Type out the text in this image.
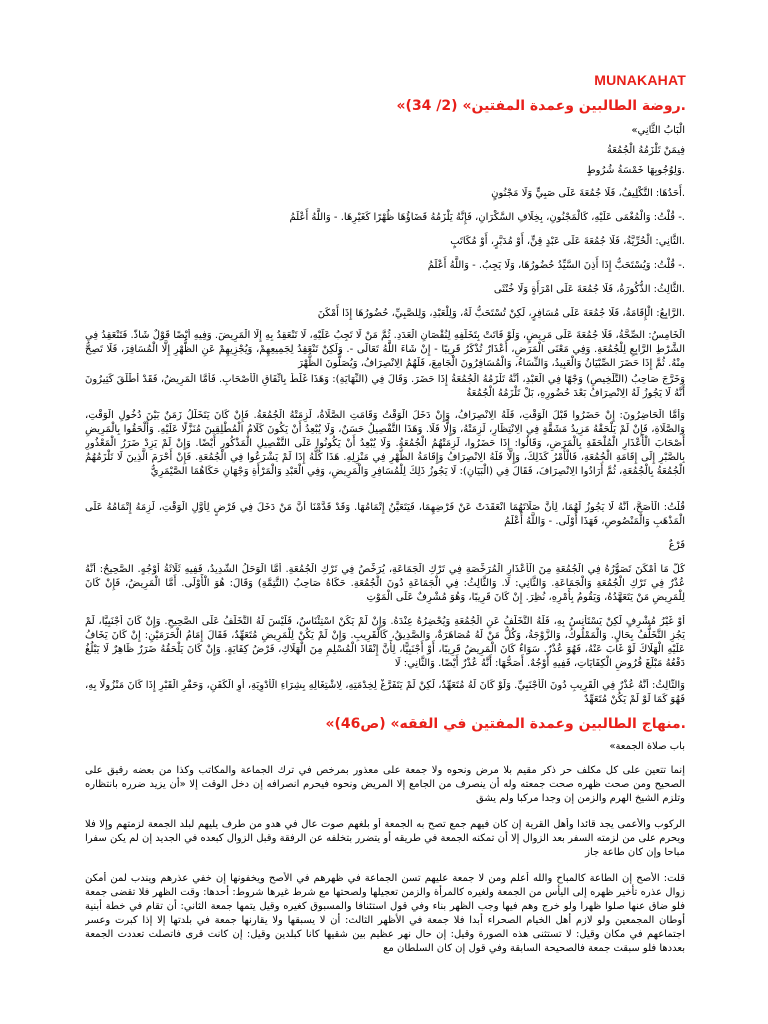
MUNAKAHAT
.روضة الطالبين وعمدة المفتين» (2/ 34)»

الْبَابُ الثَّانِي»

فِيمَنْ تَلْزَمُهُ الْجُمُعَةُ

.وَلِوُجُوبِهَا خَمْسَةُ شُرُوطٍ

.أَحَدُهَا: التَّكْلِيفُ، فَلَا جُمُعَةَ عَلَى صَبِيٍّ وَلَا مَجْنُونٍ

.- قُلْتُ: وَالْمُغْمَى عَلَيْهِ، كَالْمَجْنُونِ، بِخِلَافِ السَّكْرَانِ، فَإِنَّهُ يَلْزَمُهُ قَضَاؤُهَا ظُهْرًا كَغَيْرِهَا. - وَاللَّهُ أَعْلَمُ

.الثَّانِي: الْحُرِّيَّةُ، فَلَا جُمُعَةَ عَلَى عَبْدٍ قِنٍّ، أَوْ مُدَبَّرٍ، أَوْ مُكَاتَبٍ

.- قُلْتُ: وَيُسْتَحَبُّ إِذَا أَذِنَ السَّيِّدُ حُضُورُهَا، وَلَا يَجِبُ. - وَاللَّهُ أَعْلَمُ

.الثَّالِثُ: الذُّكُورَةُ، فَلَا جُمُعَةَ عَلَى امْرَأَةٍ وَلَا خُنْثَى

.الرَّابِعُ: الْإِقَامَةُ، فَلَا جُمُعَةَ عَلَى مُسَافِرٍ، لَكِنْ تُسْتَحَبُّ لَهُ، وَلِلْعَبْدِ، وَلِلصَّبِيِّ، حُضُورُهَا إِذَا أَمْكَنَ

الْخَامِسُ: الصِّحَّةُ، فَلَا جُمُعَةَ عَلَى مَرِيضٍ، وَلَوْ فَاتَتْ بِتَخَلُّفِهِ لِنُقْصَانِ الْعَدَدِ. ثُمَّ مَنْ لَا تَجِبُ عَلَيْهِ، لَا تَنْعَقِدُ بِهِ إِلَّا الْمَرِيضَ. وَفِيهِ أَيْضًا قَوْلٌ شَاذٌّ. فَتَنْعَقِدُ فِي الشَّرْطِ الرَّابِعِ لِلْجُمُعَةِ. وَفِي مَعْنَى الْمَرَضِ، أَعْذَارٌ تُذْكَرُ قَرِيبًا - إِنْ شَاءَ اللَّهُ تَعَالَى -. وَلَكِنْ تَنْعَقِدُ لِجَمِيعِهِمْ، وَيُجْزِيهِمْ عَنِ الظُّهْرِ إِلَّا الْمُسَافِرَ، فَلَا تَصِحُّ مِنْهُ. ثُمَّ إِذَا حَضَرَ الصِّبْيَانُ وَالْعَبِيدُ، وَالنِّسَاءُ، وَالْمُسَافِرُونَ الْجَامِعَ، فَلَهُمُ الِانْصِرَافُ، وَيُصَلُّونَ الظُّهْرَ

وَخَرَّجَ صَاحِبُ (التَّلْخِيصِ) وَجْهًا فِي الْعَبْدِ، أَنَّهُ تَلْزَمُهُ الْجُمُعَةُ إِذَا حَضَرَ. وَقَالَ فِي (النِّهَايَةِ): وَهَذَا غَلَطٌ بِاتِّفَاقِ الْأَصْحَابِ. فَأَمَّا الْمَرِيضُ، فَقَدْ أَطْلَقَ كَثِيرُونَ أَنَّهُ لَا يَجُوزُ لَهُ الِانْصِرَافُ بَعْدَ حُضُورِهِ، بَلْ تَلْزَمُهُ الْجُمُعَةُ

وَأَمَّا الْحَاضِرُونَ: إِنْ حَضَرُوا قَبْلَ الْوَقْتِ، فَلَهُ الِانْصِرَافُ، وَإِنْ دَخَلَ الْوَقْتُ وَقَامَتِ الصَّلَاةُ، لَزِمَتْهُ الْجُمُعَةُ. فَإِنْ كَانَ يَتَخَلَّلُ زَمَنٌ بَيْنَ دُخُولِ الْوَقْتِ، وَالصَّلَاةِ، فَإِنْ لَمْ يَلْحَقْهُ مَزِيدُ مَشَقَّةٍ فِي الِانْتِظَارِ، لَزِمَتْهُ، وَإِلَّا فَلَا. وَهَذَا التَّفْصِيلُ حَسَنٌ، وَلَا يُبْعِدُ أَنْ يَكُونَ كَلَامُ الْمُطْلِقِينَ مُنَزَّلًا عَلَيْهِ. وَأَلْحَقُوا بِالْمَرِيضِ أَصْحَابَ الْأَعْذَارِ الْمُلْحَقَةِ بِالْمَرَضِ، وَقَالُوا: إِذَا حَضَرُوا، لَزِمَتْهُمُ الْجُمُعَةُ. وَلَا يُبْعِدُ أَنْ يَكُونُوا عَلَى التَّفْصِيلِ الْمَذْكُورِ أَيْضًا. وَإِنْ لَمْ يَزِدْ ضَرَرُ الْمَعْذُورِ بِالصَّبْرِ إِلَى إِقَامَةِ الْجُمُعَةِ، فَالْأَمْرُ كَذَلِكَ، وَإِلَّا فَلَهُ الِانْصِرَافُ وَإِقَامَةُ الظُّهْرِ فِي مَنْزِلِهِ. هَذَا كُلُّهُ إِذَا لَمْ يَشْرَعُوا فِي الْجُمُعَةِ. فَإِنْ أَحْرَمَ الَّذِينَ لَا تَلْزَمُهُمُ الْجُمُعَةُ بِالْجُمُعَةِ، ثُمَّ أَرَادُوا الِانْصِرَافَ، فَقَالَ فِي (الْبَيَانِ): لَا يَجُوزُ ذَلِكَ لِلْمُسَافِرِ وَالْمَرِيضِ، وَفِي الْعَبْدِ وَالْمَرْأَةِ وَجْهَانِ حَكَاهُمَا الصَّيْمَرِيُّ

قُلْتُ: الْأَصَحُّ، أَنَّهُ لَا يَجُوزُ لَهُمَا، لِأَنَّ صَلَاتَهُمَا انْعَقَدَتْ عَنْ فَرْضِهِمَا، فَيَتَعَيَّنُ إِتْمَامُهَا. وَقَدْ قَدَّمْنَا أَنَّ مَنْ دَخَلَ فِي فَرْضٍ لِأَوَّلِ الْوَقْتِ، لَزِمَهُ إِتْمَامُهُ عَلَى الْمَذْهَبِ وَالْمَنْصُوصِ، فَهَذَا أَوْلَى. - وَاللَّهُ أَعْلَمُ

فَرْعٌ

كُلُّ مَا أَمْكَنَ تَصَوُّرُهُ فِي الْجُمُعَةِ مِنَ الْأَعْذَارِ الْمُرَخِّصَةِ فِي تَرْكِ الْجَمَاعَةِ، يُرَخِّصُ فِي تَرْكِ الْجُمُعَةِ. أَمَّا الْوَحَلُ الشَّدِيدُ، فَفِيهِ ثَلَاثَةُ أَوْجُهٍ. الصَّحِيحُ: أَنَّهُ عُذْرٌ فِي تَرْكِ الْجُمُعَةِ وَالْجَمَاعَةِ. وَالثَّانِي: لَا. وَالثَّالِثُ: فِي الْجَمَاعَةِ دُونَ الْجُمُعَةِ. حَكَاهُ صَاحِبُ (التَّتِمَّةِ) وَقَالَ: هُوَ الْأَوْلَى. أَمَّا الْمَرِيضُ، فَإِنْ كَانَ لِلْمَرِيضِ مَنْ يَتَعَهَّدُهُ، وَيَقُومُ بِأَمْرِهِ، نُظِرَ. إِنْ كَانَ قَرِيبًا، وَهُوَ مُشْرِفٌ عَلَى الْمَوْتِ

أَوْ غَيْرُ مُشْرِفٍ لَكِنْ يَسْتَأْنِسُ بِهِ، فَلَهُ التَّخَلُّفُ عَنِ الْجُمُعَةِ وَيُحْضِرُهُ عِنْدَهُ. وَإِنْ لَمْ يَكُنْ اسْتِئْنَاسٌ، فَلَيْسَ لَهُ التَّخَلُّفُ عَلَى الصَّحِيحِ. وَإِنْ كَانَ أَجْنَبِيًّا، لَمْ يَجُزِ التَّخَلُّفُ بِحَالٍ. وَالْمَمْلُوكُ، وَالزَّوْجَةُ، وَكُلُّ مَنْ لَهُ مُصَاهَرَةٌ، وَالصَّدِيقُ، كَالْقَرِيبِ. وَإِنْ لَمْ يَكُنْ لِلْمَرِيضِ مُتَعَهِّدٌ، فَقَالَ إِمَامُ الْحَرَمَيْنِ: إِنْ كَانَ يَخَافُ عَلَيْهِ الْهَلَاكَ لَوْ غَابَ عَنْهُ، فَهُوَ عُذْرٌ. سَوَاءٌ كَانَ الْمَرِيضُ قَرِيبًا، أَوْ أَجْنَبِيًّا، لِأَنَّ إِنْقَاذَ الْمُسْلِمِ مِنَ الْهَلَاكِ، فَرْضُ كِفَايَةٍ. وَإِنْ كَانَ يَلْحَقُهُ ضَرَرٌ ظَاهِرٌ لَا يَبْلُغُ دَفْعُهُ مَبْلَغَ فُرُوضِ الْكِفَايَاتِ، فَفِيهِ أَوْجُهٌ. أَصَحُّهَا: أَنَّهُ عُذْرٌ أَيْضًا. وَالثَّانِي: لَا

وَالثَّالِثُ: أَنَّهُ عُذْرٌ فِي الْقَرِيبِ دُونَ الْأَجْنَبِيِّ. وَلَوْ كَانَ لَهُ مُتَعَهِّدٌ، لَكِنْ لَمْ يَتَفَرَّغْ لِخِدْمَتِهِ، لِاشْتِغَالِهِ بِشِرَاءِ الْأَدْوِيَةِ، أَوِ الْكَفَنِ، وَحَفْرِ الْقَبْرِ إِذَا كَانَ مَنْزُولًا بِهِ، فَهُوَ كَمَا لَوْ لَمْ يَكُنْ مُتَعَهِّدٌ

.منهاج الطالبين وعمدة المفتين في الفقه» (ص46)»

باب صلاة الجمعة»

إنما تتعين على كل مكلف حر ذكر مقيم بلا مرض ونحوه ولا جمعة على معذور بمرخص في ترك الجماعة والمكاتب وكذا من بعضه رقيق على الصحيح ومن صحت ظهره صحت جمعته وله أن ينصرف من الجامع إلا المريض ونحوه فيحرم انصرافه إن دخل الوقت إلا «أن يزيد ضرره بانتظاره وتلزم الشيخ الهرم والزمن إن وجدا مركبا ولم يشق

الركوب والأعمى يجد قائدا وأهل القرية إن كان فيهم جمع تصح به الجمعة أو بلغهم صوت عال في هدو من طرف يليهم لبلد الجمعة لزمتهم وإلا فلا ويحرم على من لزمته السفر بعد الزوال إلا أن تمكنه الجمعة في طريقه أو يتضرر بتخلفه عن الرفقة وقبل الزوال كبعده في الجديد إن لم يكن سفرا مباحا وإن كان طاعة جاز

قلت: الأصح إن الطاعة كالمباح والله أعلم ومن لا جمعة عليهم تسن الجماعة في ظهرهم في الأصح ويخفونها إن خفي عذرهم ويندب لمن أمكن زوال عذره تأخير ظهره إلى اليأس من الجمعة ولغيره كالمرأة والزمن تعجيلها ولصحتها مع شرط غيرها شروط: أحدها: وقت الظهر فلا تقضى جمعة فلو ضاق عنها صلوا ظهرا ولو خرج وهم فيها وجب الظهر بناء وفي قول استئنافا والمسبوق كغيره وقيل يتمها جمعة الثاني: أن تقام في خطة أبنية أوطان المجمعين ولو لازم أهل الخيام الصحراء أبدا فلا جمعة في الأظهر الثالث: أن لا يسبقها ولا يقارنها جمعة في بلدتها إلا إذا كبرت وعسر اجتماعهم في مكان وقيل: لا تستثنى هذه الصورة وقيل: إن حال نهر عظيم بين شقيها كانا كبلدين وقيل: إن كانت قرى فاتصلت تعددت الجمعة بعددها فلو سبقت جمعة فالصحيحة السابقة وفي قول إن كان السلطان مع
